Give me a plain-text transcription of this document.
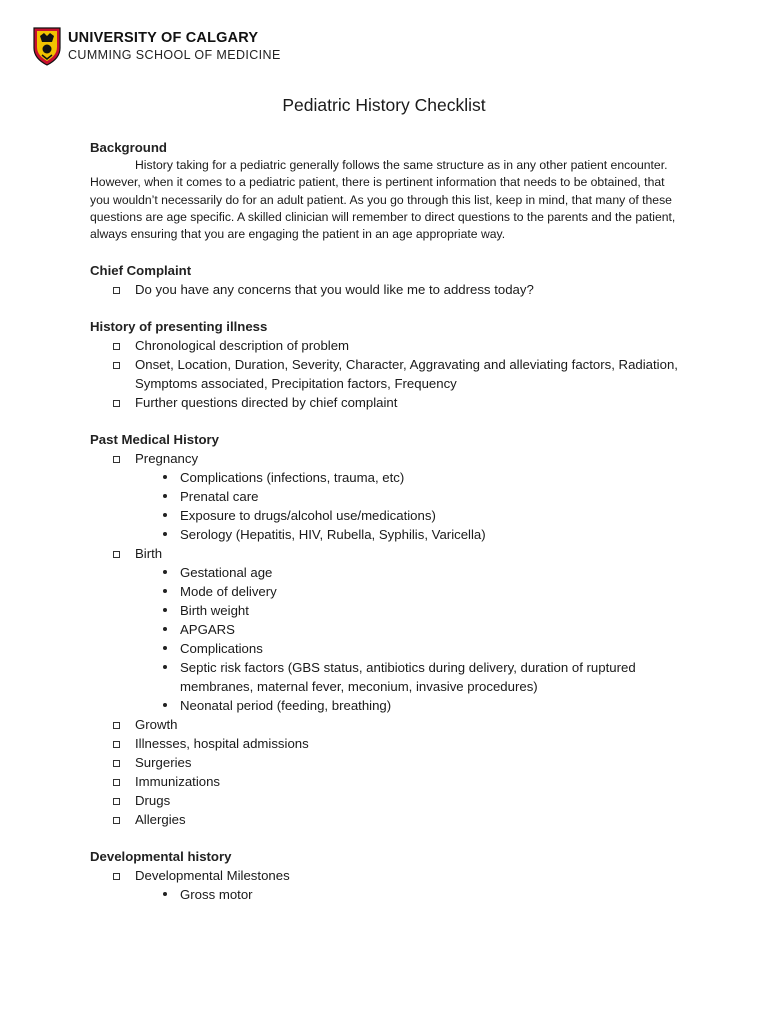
UNIVERSITY OF CALGARY
CUMMING SCHOOL OF MEDICINE
Pediatric History Checklist

Background

History taking for a pediatric generally follows the same structure as in any other patient encounter. However, when it comes to a pediatric patient, there is pertinent information that needs to be obtained, that you wouldn’t necessarily do for an adult patient. As you go through this list, keep in mind, that many of these questions are age specific. A skilled clinician will remember to direct questions to the parents and the patient, always ensuring that you are engaging the patient in an age appropriate way.

Chief Complaint

Do you have any concerns that you would like me to address today?

History of presenting illness

Chronological description of problem
Onset, Location, Duration, Severity, Character, Aggravating and alleviating factors, Radiation, Symptoms associated, Precipitation factors, Frequency
Further questions directed by chief complaint

Past Medical History

Pregnancy
Complications (infections, trauma, etc)
Prenatal care
Exposure to drugs/alcohol use/medications)
Serology (Hepatitis, HIV, Rubella, Syphilis, Varicella)
Birth
Gestational age
Mode of delivery
Birth weight
APGARS
Complications
Septic risk factors (GBS status, antibiotics during delivery, duration of ruptured membranes, maternal fever, meconium, invasive procedures)
Neonatal period (feeding, breathing)
Growth
Illnesses, hospital admissions
Surgeries
Immunizations
Drugs
Allergies

Developmental history

Developmental Milestones
Gross motor
